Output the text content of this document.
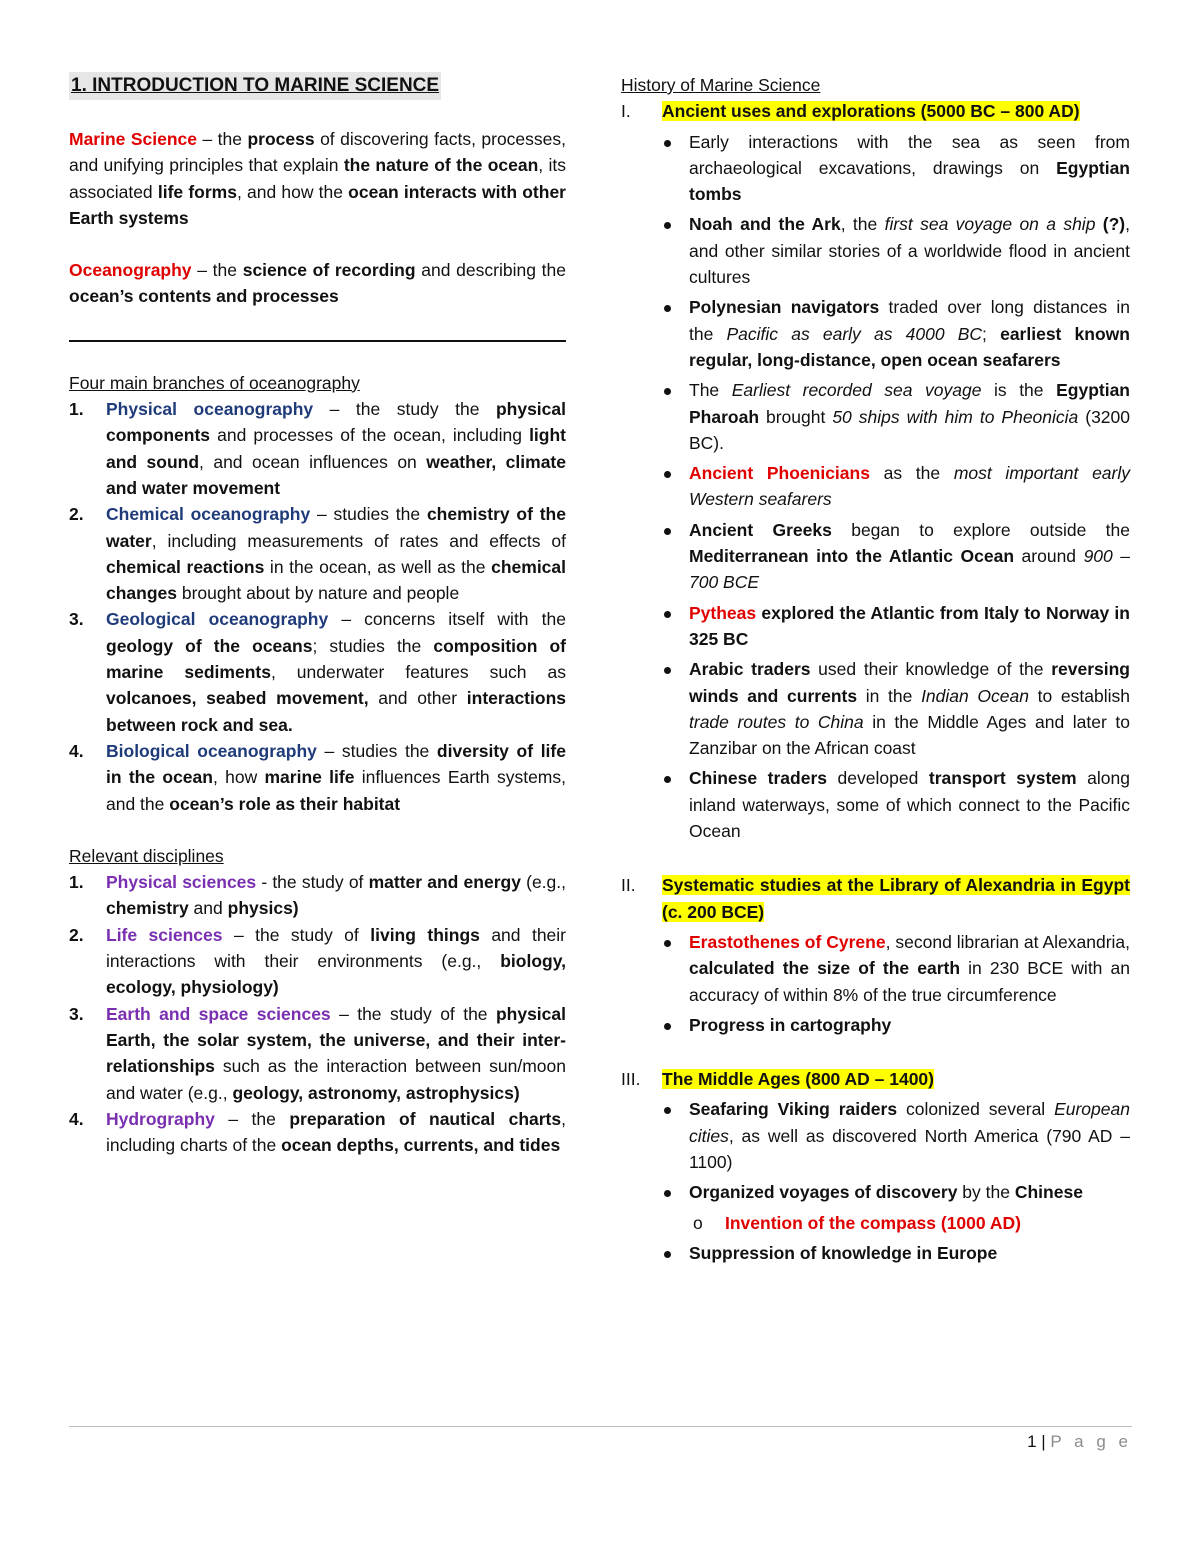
1. INTRODUCTION TO MARINE SCIENCE

Marine Science – the process of discovering facts, processes, and unifying principles that explain the nature of the ocean, its associated life forms, and how the ocean interacts with other Earth systems

Oceanography – the science of recording and describing the ocean’s contents and processes

Four main branches of oceanography

1. Physical oceanography – the study the physical components and processes of the ocean, including light and sound, and ocean influences on weather, climate and water movement
2. Chemical oceanography – studies the chemistry of the water, including measurements of rates and effects of chemical reactions in the ocean, as well as the chemical changes brought about by nature and people
3. Geological oceanography – concerns itself with the geology of the oceans; studies the composition of marine sediments, underwater features such as volcanoes, seabed movement, and other interactions between rock and sea.
4. Biological oceanography – studies the diversity of life in the ocean, how marine life influences Earth systems, and the ocean’s role as their habitat

Relevant disciplines

1. Physical sciences - the study of matter and energy (e.g., chemistry and physics)
2. Life sciences – the study of living things and their interactions with their environments (e.g., biology, ecology, physiology)
3. Earth and space sciences – the study of the physical Earth, the solar system, the universe, and their inter-relationships such as the interaction between sun/moon and water (e.g., geology, astronomy, astrophysics)
4. Hydrography – the preparation of nautical charts, including charts of the ocean depths, currents, and tides

History of Marine Science

I. Ancient uses and explorations (5000 BC – 800 AD)

Early interactions with the sea as seen from archaeological excavations, drawings on Egyptian tombs
Noah and the Ark, the first sea voyage on a ship (?), and other similar stories of a worldwide flood in ancient cultures
Polynesian navigators traded over long distances in the Pacific as early as 4000 BC; earliest known regular, long-distance, open ocean seafarers
The Earliest recorded sea voyage is the Egyptian Pharoah brought 50 ships with him to Pheonicia (3200 BC).
Ancient Phoenicians as the most important early Western seafarers
Ancient Greeks began to explore outside the Mediterranean into the Atlantic Ocean around 900 – 700 BCE
Pytheas explored the Atlantic from Italy to Norway in 325 BC
Arabic traders used their knowledge of the reversing winds and currents in the Indian Ocean to establish trade routes to China in the Middle Ages and later to Zanzibar on the African coast
Chinese traders developed transport system along inland waterways, some of which connect to the Pacific Ocean

II. Systematic studies at the Library of Alexandria in Egypt (c. 200 BCE)

Erastothenes of Cyrene, second librarian at Alexandria, calculated the size of the earth in 230 BCE with an accuracy of within 8% of the true circumference
Progress in cartography

III. The Middle Ages (800 AD – 1400)

Seafaring Viking raiders colonized several European cities, as well as discovered North America (790 AD – 1100)
Organized voyages of discovery by the Chinese
o Invention of the compass (1000 AD)
Suppression of knowledge in Europe
1 | P a g e
